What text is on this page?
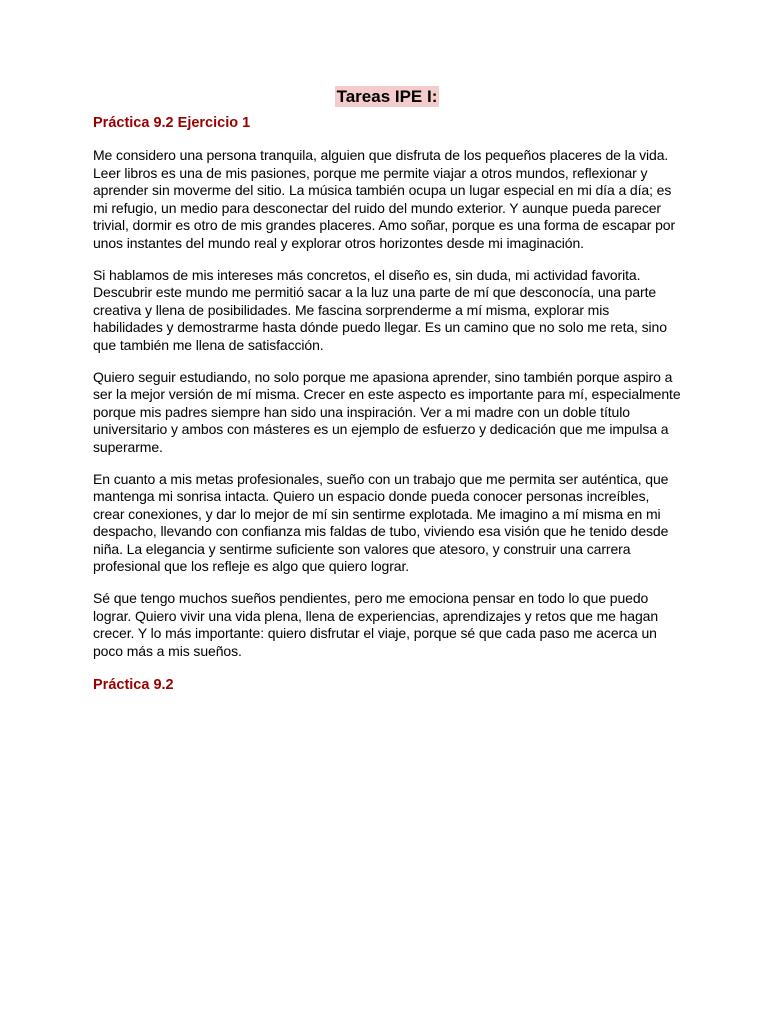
Tareas IPE I:
Práctica 9.2 Ejercicio 1

Me considero una persona tranquila, alguien que disfruta de los pequeños placeres de la vida. Leer libros es una de mis pasiones, porque me permite viajar a otros mundos, reflexionar y aprender sin moverme del sitio. La música también ocupa un lugar especial en mi día a día; es mi refugio, un medio para desconectar del ruido del mundo exterior. Y aunque pueda parecer trivial, dormir es otro de mis grandes placeres. Amo soñar, porque es una forma de escapar por unos instantes del mundo real y explorar otros horizontes desde mi imaginación.

Si hablamos de mis intereses más concretos, el diseño es, sin duda, mi actividad favorita. Descubrir este mundo me permitió sacar a la luz una parte de mí que desconocía, una parte creativa y llena de posibilidades. Me fascina sorprenderme a mí misma, explorar mis habilidades y demostrarme hasta dónde puedo llegar. Es un camino que no solo me reta, sino que también me llena de satisfacción.

Quiero seguir estudiando, no solo porque me apasiona aprender, sino también porque aspiro a ser la mejor versión de mí misma. Crecer en este aspecto es importante para mí, especialmente porque mis padres siempre han sido una inspiración. Ver a mi madre con un doble título universitario y ambos con másteres es un ejemplo de esfuerzo y dedicación que me impulsa a superarme.

En cuanto a mis metas profesionales, sueño con un trabajo que me permita ser auténtica, que mantenga mi sonrisa intacta. Quiero un espacio donde pueda conocer personas increíbles, crear conexiones, y dar lo mejor de mí sin sentirme explotada. Me imagino a mí misma en mi despacho, llevando con confianza mis faldas de tubo, viviendo esa visión que he tenido desde niña. La elegancia y sentirme suficiente son valores que atesoro, y construir una carrera profesional que los refleje es algo que quiero lograr.

Sé que tengo muchos sueños pendientes, pero me emociona pensar en todo lo que puedo lograr. Quiero vivir una vida plena, llena de experiencias, aprendizajes y retos que me hagan crecer. Y lo más importante: quiero disfrutar el viaje, porque sé que cada paso me acerca un poco más a mis sueños.

Práctica 9.2
